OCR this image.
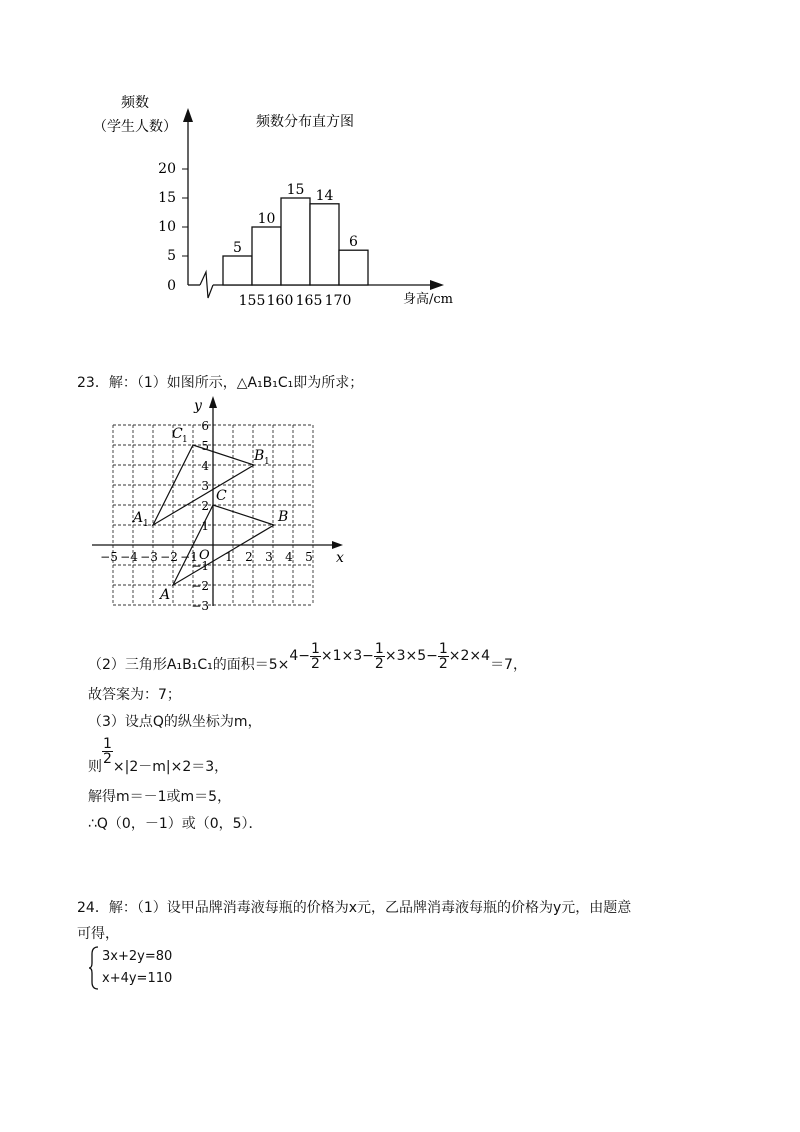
20
15
10
5
0
频数
（学生人数）	频数分布直方图
155 160 165 170	身高/cm
5
10
15 14
6
23．解：（1）如图所示，△A₁B₁C₁即为所求；
−5 −4 −3 −2 −1 1 2 3 4 5
6
5
4
3
2
1
−1
−2
−3
x
y
O
A
B
C
A 1
B 1
C 1
（2）三角形A₁B₁C₁的面积＝5×
$4- \frac{1}{2} \times 1\times 3- \frac{1}{2} \times 3\times 5- \frac{1}{2} \times 2\times 4$
＝7，
故答案为：7；
（3）设点Q的纵坐标为m，
则
$\frac{1}{2}$
×|2－m|×2＝3，
解得m＝－1或m＝5，
∴Q（0，－1）或（0，5）．
24．解：（1）设甲品牌消毒液每瓶的价格为x元，乙品牌消毒液每瓶的价格为y元，由题意
可得，
3x+2y=80
x+4y=110
